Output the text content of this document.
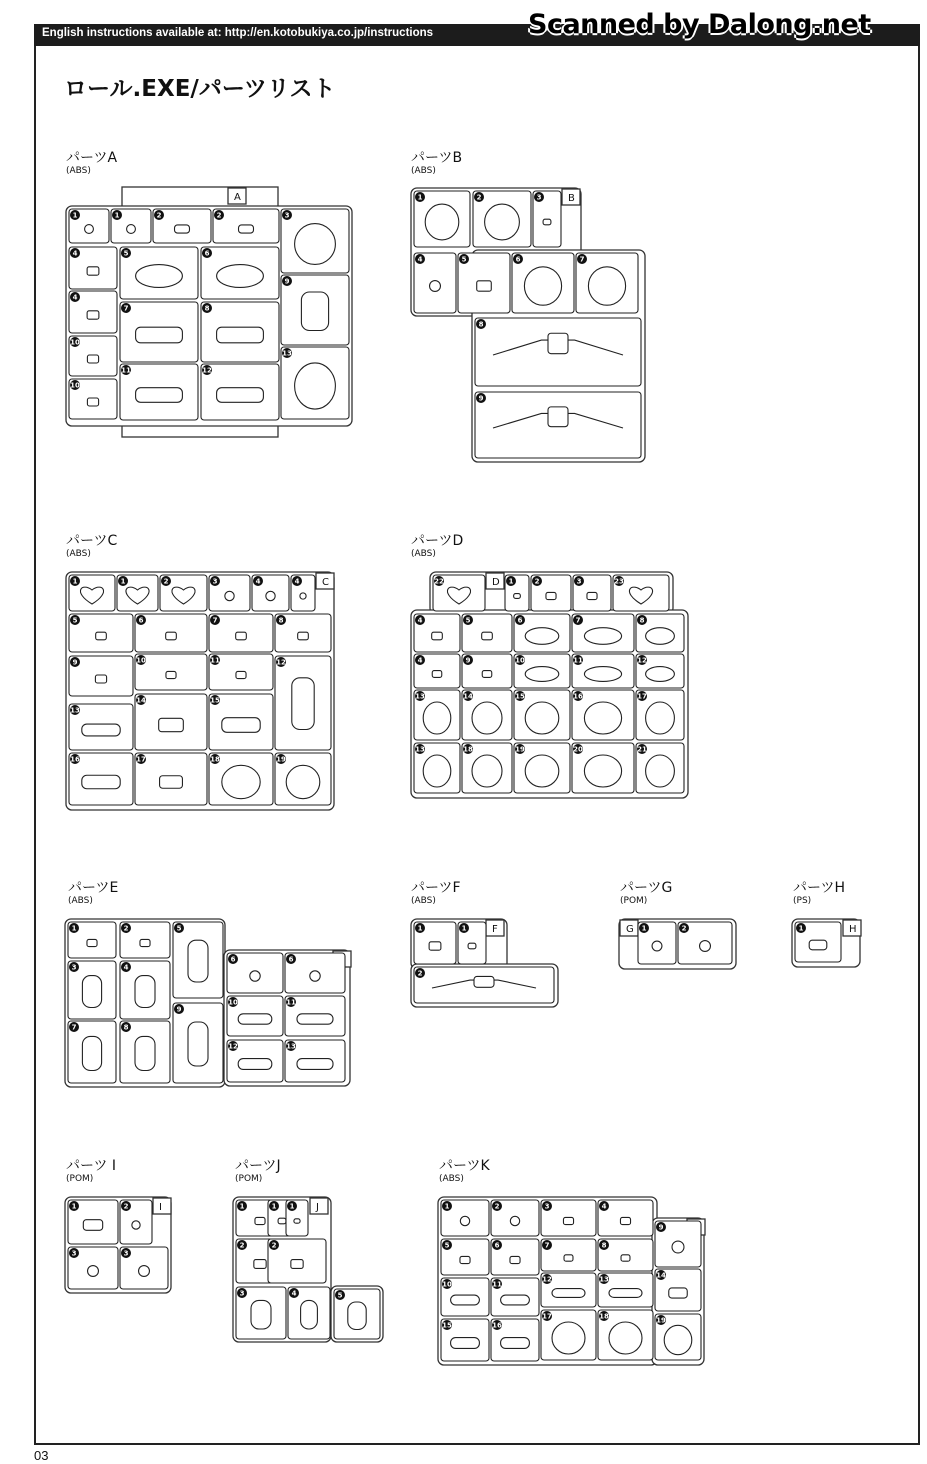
English instructions available at: http://en.kotobukiya.co.jp/instructions	Scanned by Dalong.net
ロール.EXE/パーツリスト
パーツA
(ABS)
パーツB
(ABS)
パーツC
(ABS)
パーツD
(ABS)
パーツE
(ABS)
パーツF
(ABS)
パーツG
(POM)
パーツH
(PS)
パーツ I
(POM)
パーツJ
(POM)
パーツK
(ABS)
A
1	1	2	2	3
4	5	6
9
4
7	8
10
11	12
13
10
B
1	2	3
4	5	6	7
8
9
C
1	1	2	3	4	4
5	6	7	8
9	10	11	12
13
14	15
16	17	18	19
D
22	1	2	3	23
4	5	6	7	8
4	9	10	11	12
13	14	15	16	17
13	18	19	20	21
1	2	5
3	4
7	8
9
6	6
10	11
12	13
F
1	1
2
G 1	2	H
1
I
1	2
3	3
J
1	1 1
2	2
3	4	5
1	2	3	4
9
5	6	7	8
10	11
12	13	14
15	16
17	18	19
03
